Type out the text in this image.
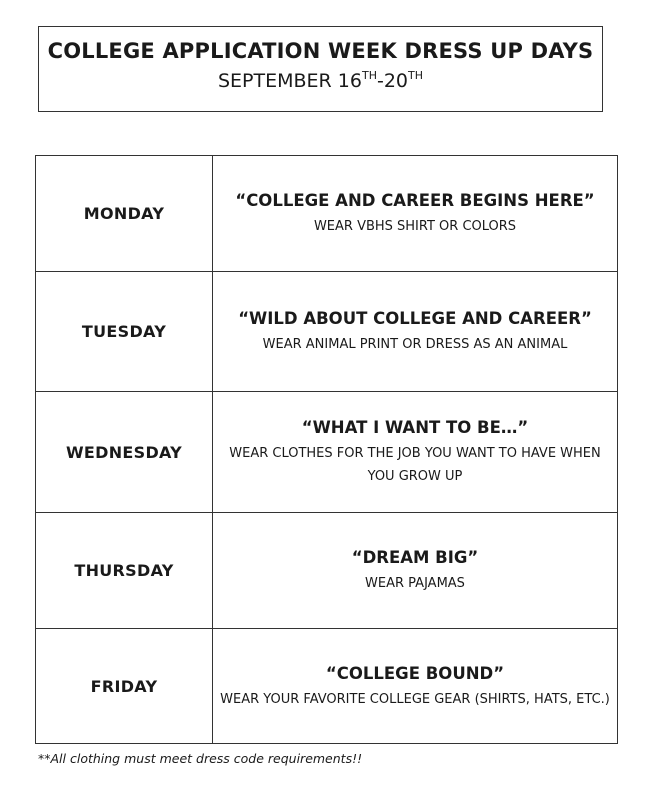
COLLEGE APPLICATION WEEK DRESS UP DAYS
SEPTEMBER 16TH-20TH
MONDAY	“COLLEGE AND CAREER BEGINS HERE”
WEAR VBHS SHIRT OR COLORS

TUESDAY	“WILD ABOUT COLLEGE AND CAREER”
WEAR ANIMAL PRINT OR DRESS AS AN ANIMAL

WEDNESDAY	“WHAT I WANT TO BE…”
WEAR CLOTHES FOR THE JOB YOU WANT TO HAVE WHEN YOU GROW UP

THURSDAY	“DREAM BIG”
WEAR PAJAMAS

FRIDAY	“COLLEGE BOUND”
WEAR YOUR FAVORITE COLLEGE GEAR (SHIRTS, HATS, ETC.)
**All clothing must meet dress code requirements!!
